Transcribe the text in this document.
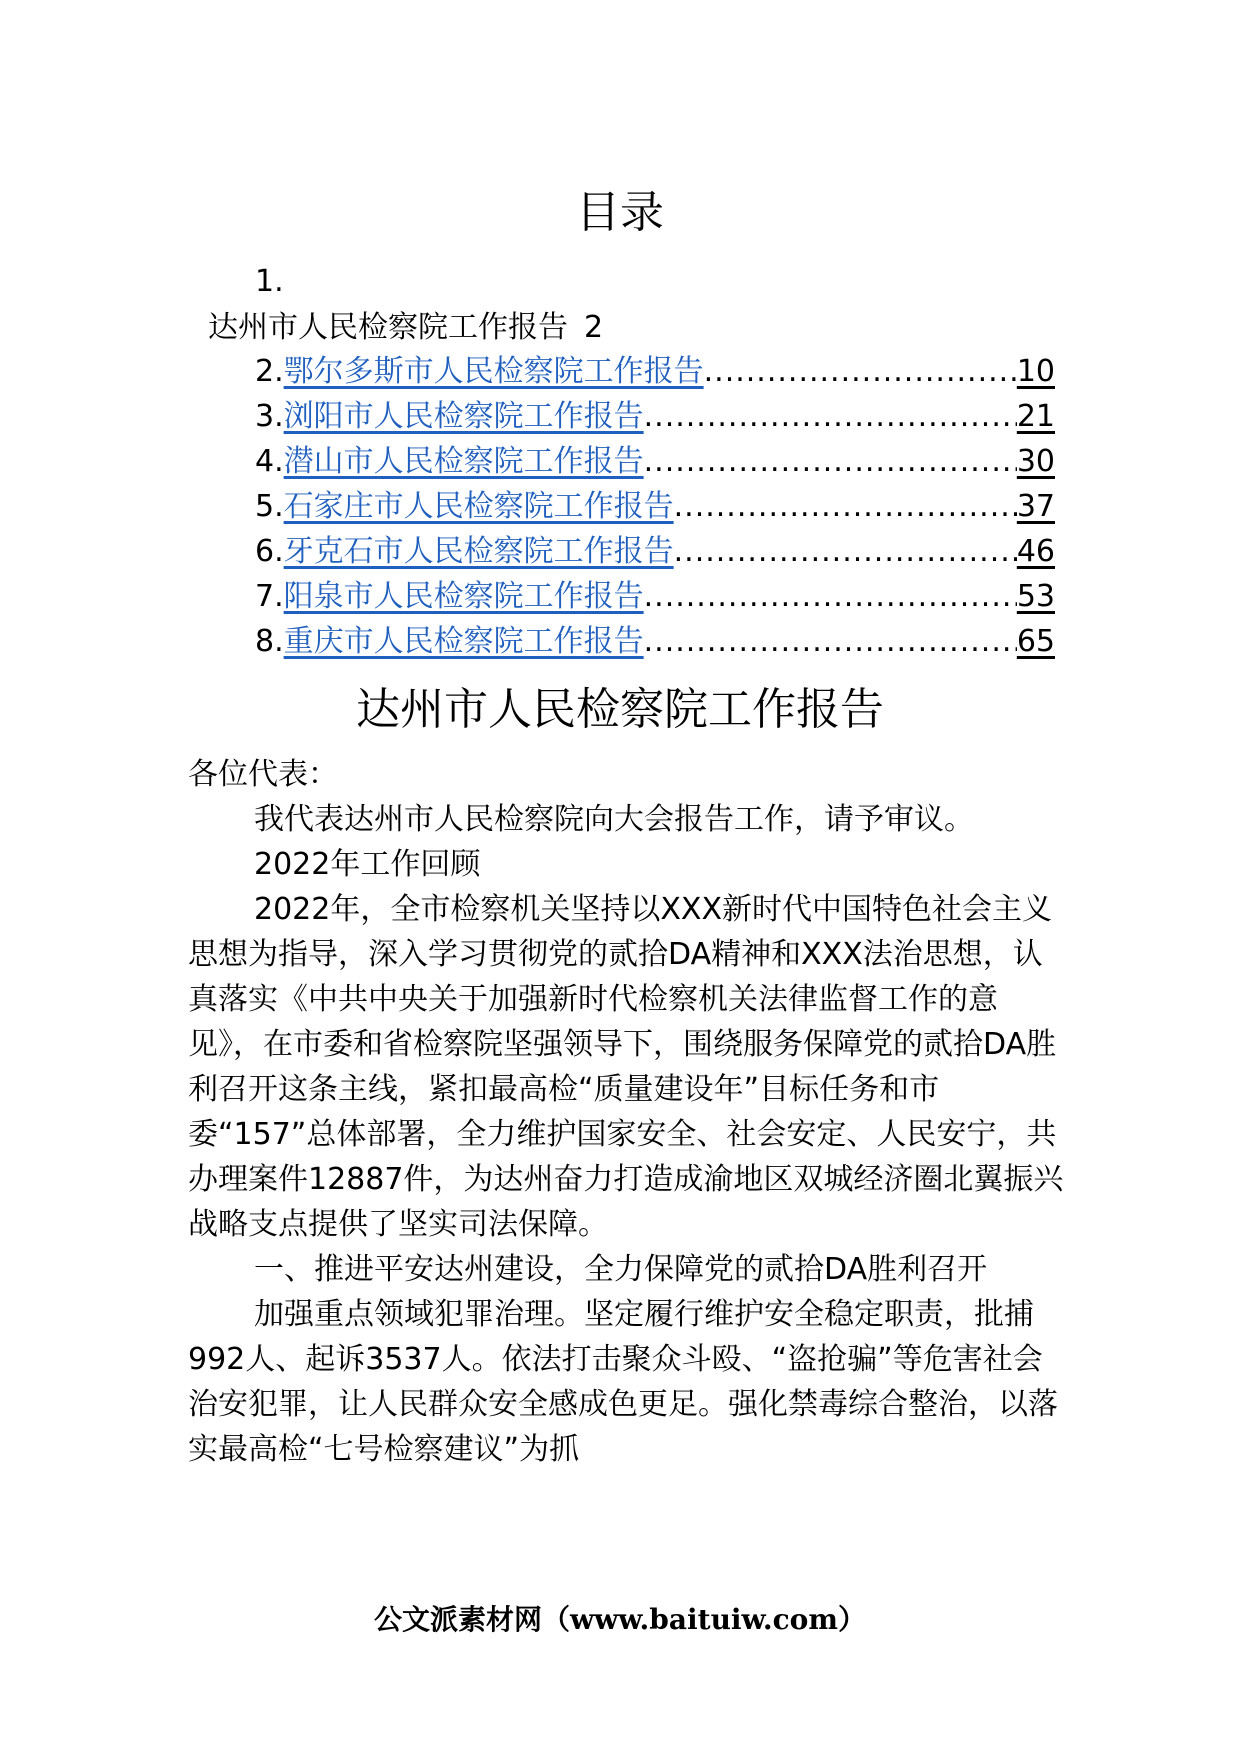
目录
1.
达州市人民检察院工作报告 2
2. 鄂尔多斯市人民检察院工作报告 .....	10
3. 浏阳市人民检察院工作报告 .....	21
4. 潜山市人民检察院工作报告 .....	30
5. 石家庄市人民检察院工作报告 .....	37
6. 牙克石市人民检察院工作报告 .....	46
7. 阳泉市人民检察院工作报告 .....	53
8. 重庆市人民检察院工作报告 .....	65
达州市人民检察院工作报告

各位代表：

我代表达州市人民检察院向大会报告工作，请予审议。

2022年工作回顾

2022年，全市检察机关坚持以XXX新时代中国特色社会主义思想为指导，深入学习贯彻党的贰拾DA精神和XXX法治思想，认真落实《中共中央关于加强新时代检察机关法律监督工作的意见》，在市委和省检察院坚强领导下，围绕服务保障党的贰拾DA胜利召开这条主线，紧扣最高检“质量建设年”目标任务和市委“157”总体部署，全力维护国家安全、社会安定、人民安宁，共办理案件12887件，为达州奋力打造成渝地区双城经济圈北翼振兴战略支点提供了坚实司法保障。

一、推进平安达州建设，全力保障党的贰拾DA胜利召开

加强重点领域犯罪治理。坚定履行维护安全稳定职责，批捕992人、起诉3537人。依法打击聚众斗殴、“盗抢骗”等危害社会治安犯罪，让人民群众安全感成色更足。强化禁毒综合整治，以落实最高检“七号检察建议”为抓

公文派素材网（www.baituiw.com）
